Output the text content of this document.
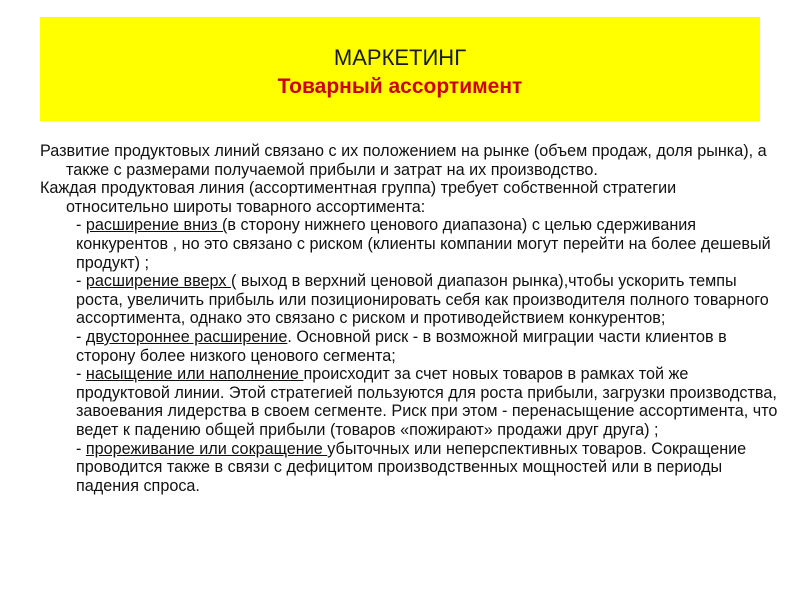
МАРКЕТИНГ
Товарный ассортимент

Развитие продуктовых линий связано с их положением на рынке (объем продаж, доля рынка), а также с размерами получаемой прибыли и затрат на их производство.

Каждая продуктовая линия (ассортиментная группа) требует собственной стратегии относительно широты товарного ассортимента:

- расширение вниз (в сторону нижнего ценового диапазона) с целью сдерживания конкурентов , но это связано с риском (клиенты компании могут перейти на более дешевый продукт) ;

- расширение вверх ( выход в верхний ценовой диапазон рынка),чтобы ускорить темпы роста, увеличить прибыль или позиционировать себя как производителя полного товарного ассортимента, однако это связано с риском и противодействием конкурентов;

- двустороннее расширение. Основной риск - в возможной миграции части клиентов в сторону более низкого ценового сегмента;

- насыщение или наполнение происходит за счет новых товаров в рамках той же продуктовой линии. Этой стратегией пользуются для роста прибыли, загрузки производства, завоевания лидерства в своем сегменте. Риск при этом - перенасыщение ассортимента, что ведет к падению общей прибыли (товаров «пожирают» продажи друг друга) ;

- прореживание или сокращение убыточных или неперспективных товаров. Сокращение проводится также в связи с дефицитом производственных мощностей или в периоды падения спроса.
